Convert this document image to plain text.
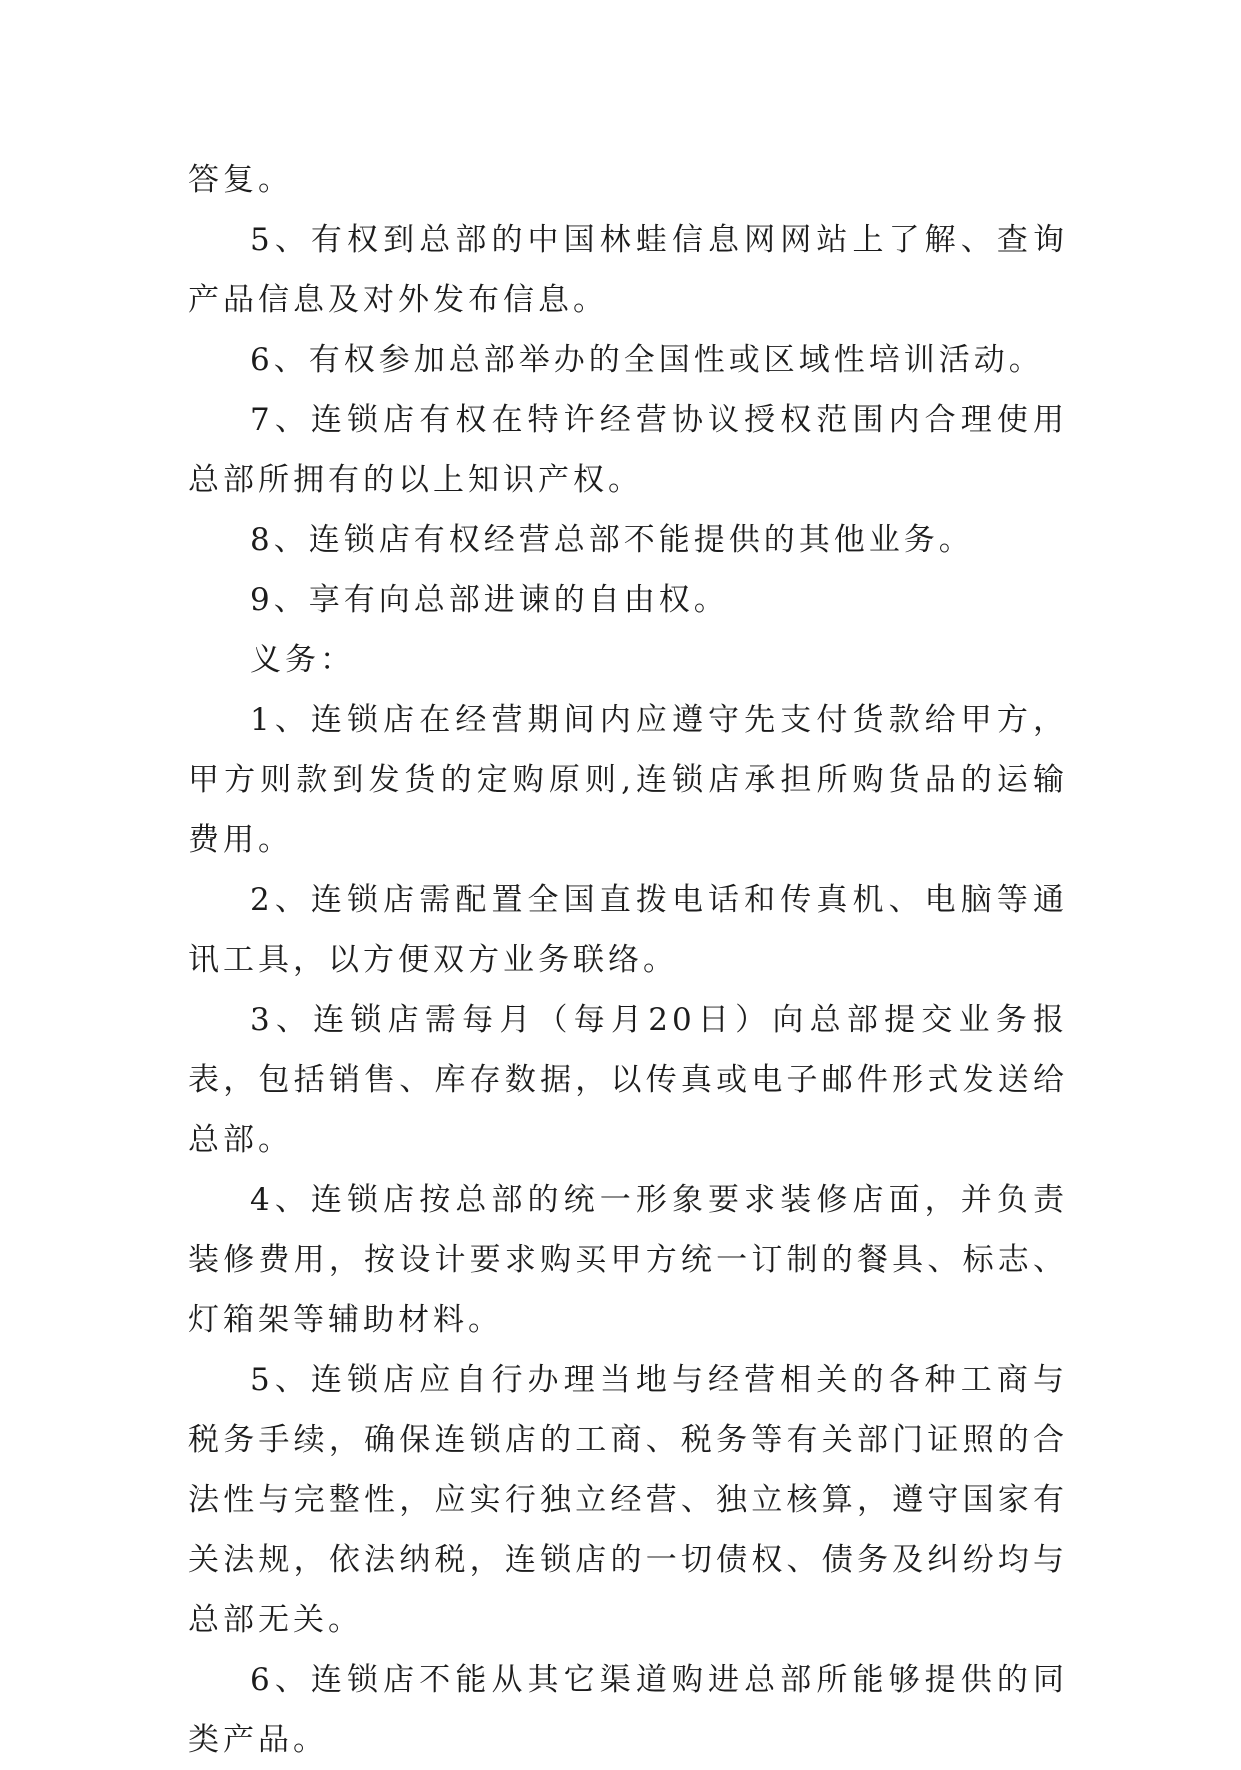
答复。

5、有权到总部的中国林蛙信息网网站上了解、查询产品信息及对外发布信息。

6、有权参加总部举办的全国性或区域性培训活动。

7、连锁店有权在特许经营协议授权范围内合理使用总部所拥有的以上知识产权。

8、连锁店有权经营总部不能提供的其他业务。

9、享有向总部进谏的自由权。

义务：

1、连锁店在经营期间内应遵守先支付货款给甲方，甲方则款到发货的定购原则,连锁店承担所购货品的运输费用。

2、连锁店需配置全国直拨电话和传真机、电脑等通讯工具，以方便双方业务联络。

3、连锁店需每月（每月20日）向总部提交业务报表，包括销售、库存数据，以传真或电子邮件形式发送给总部。

4、连锁店按总部的统一形象要求装修店面，并负责装修费用，按设计要求购买甲方统一订制的餐具、标志、灯箱架等辅助材料。

5、连锁店应自行办理当地与经营相关的各种工商与税务手续，确保连锁店的工商、税务等有关部门证照的合法性与完整性，应实行独立经营、独立核算，遵守国家有关法规，依法纳税，连锁店的一切债权、债务及纠纷均与总部无关。

6、连锁店不能从其它渠道购进总部所能够提供的同类产品。
